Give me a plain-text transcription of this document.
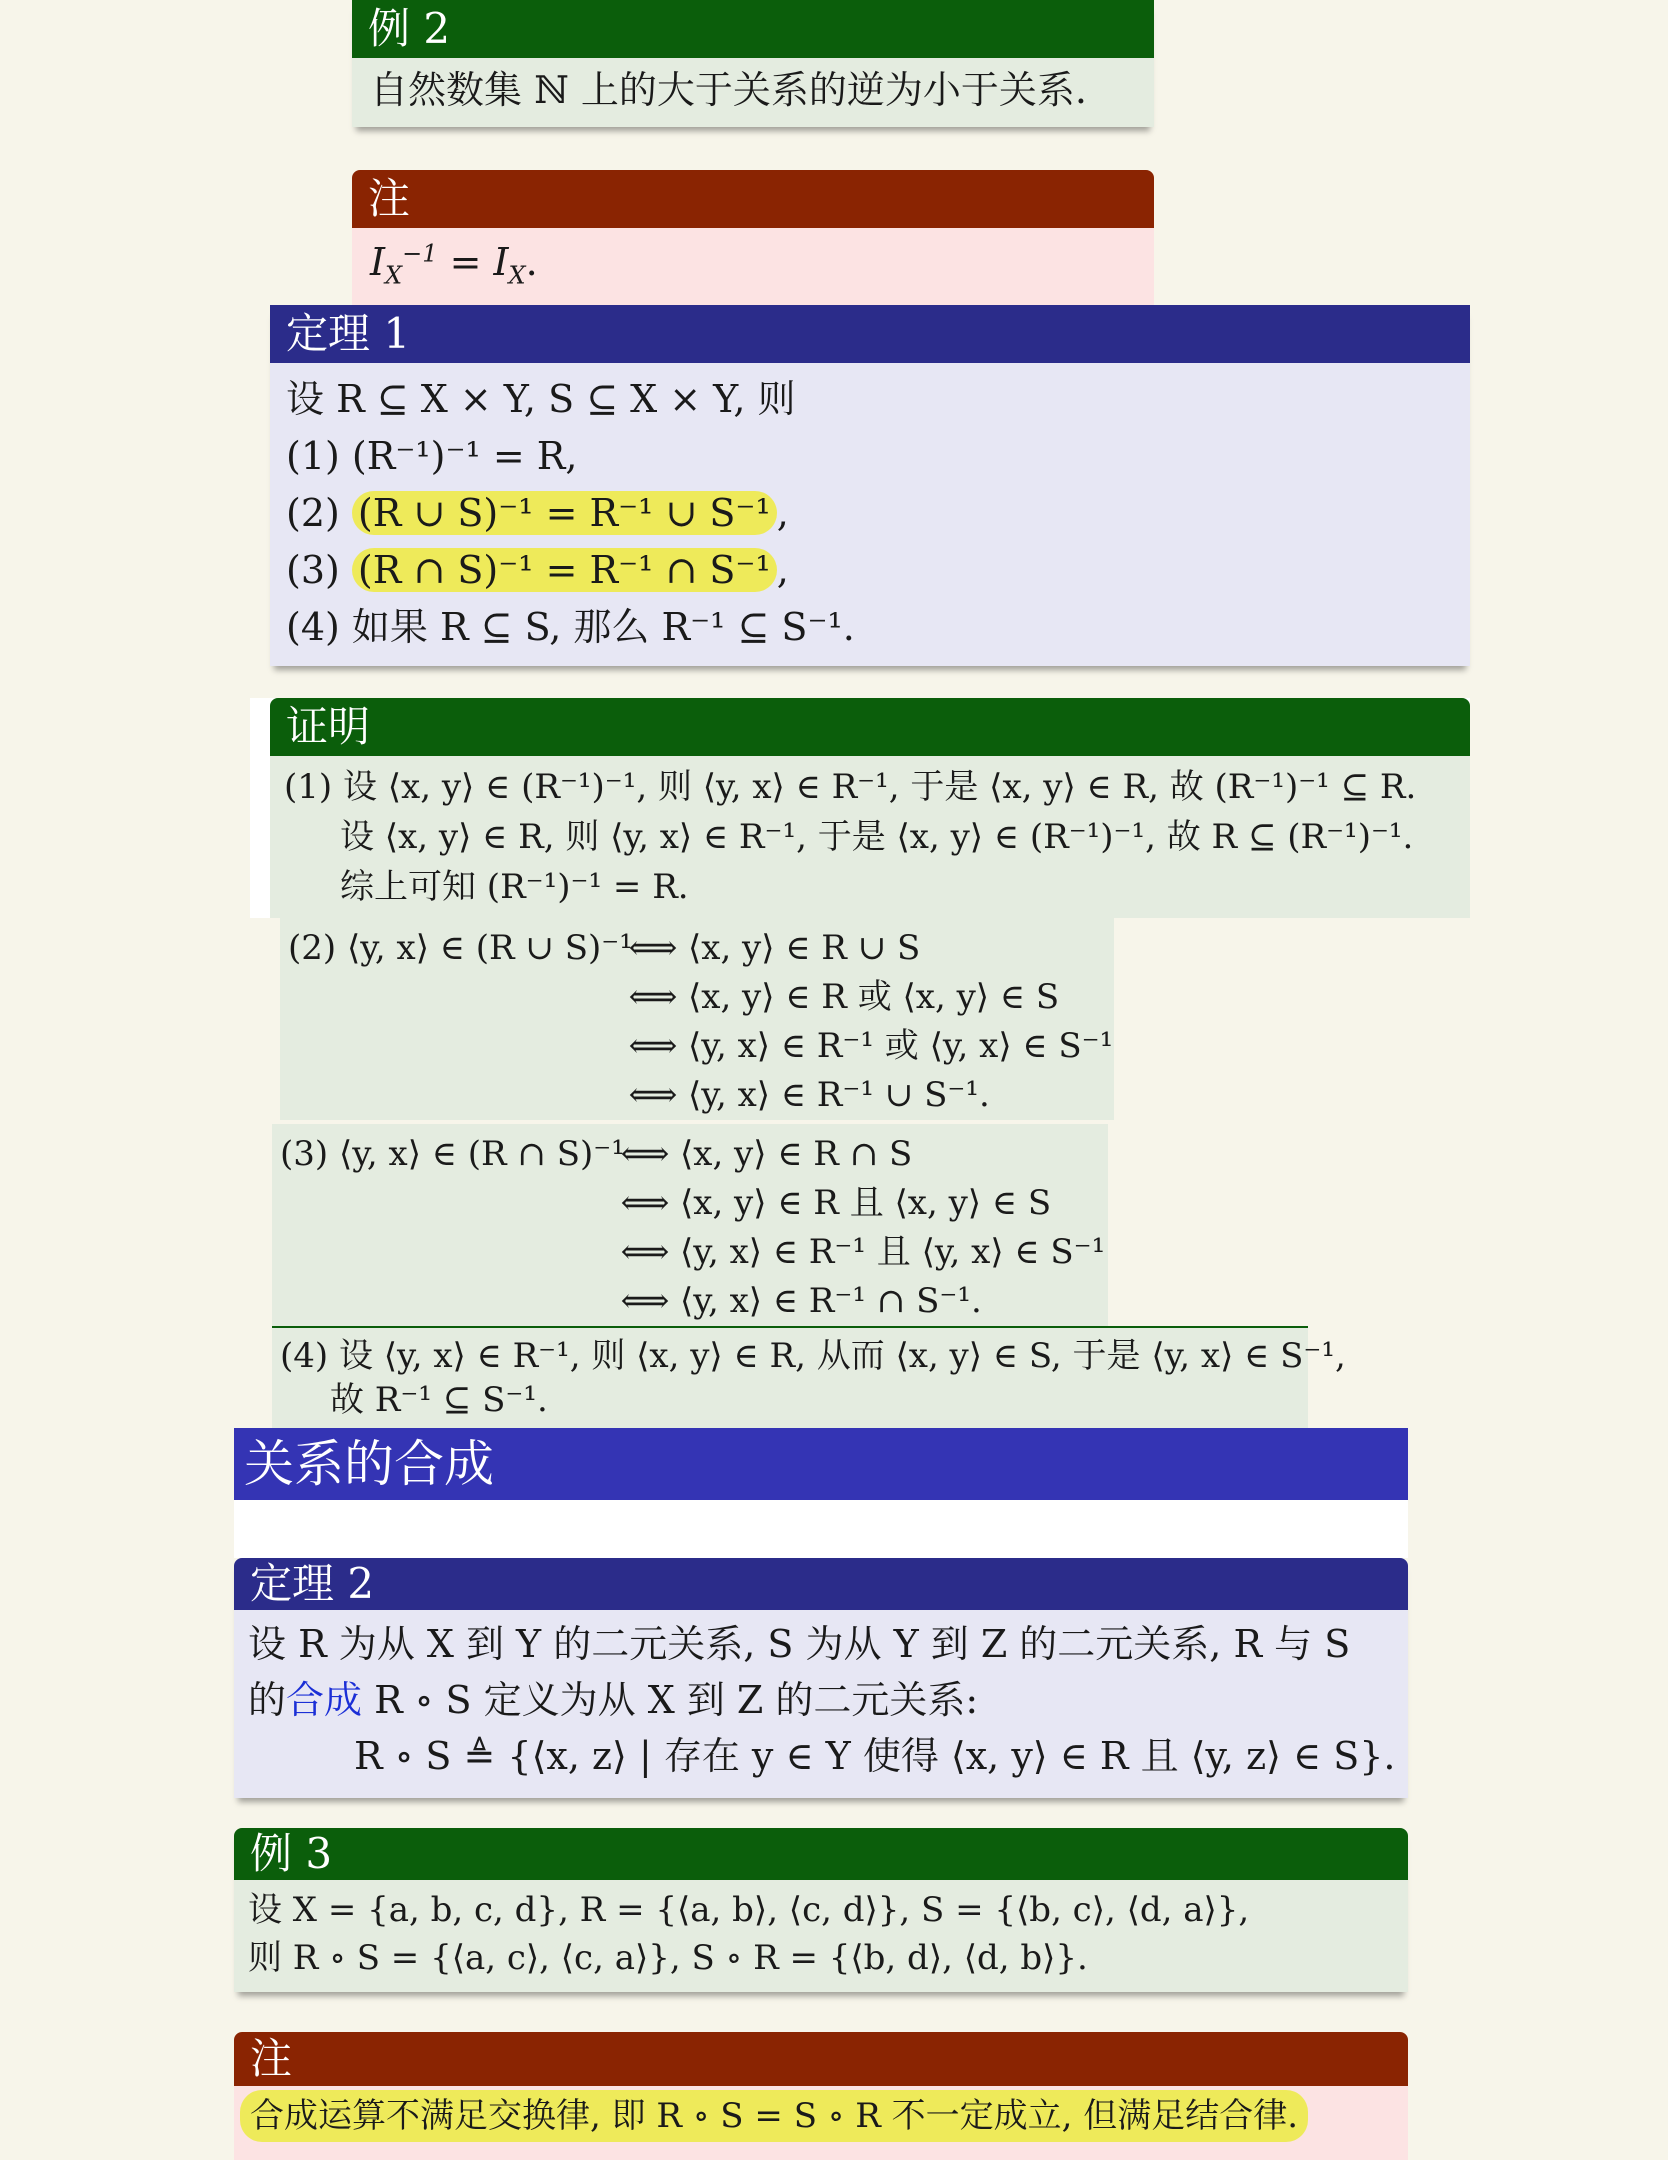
例 2
自然数集 ℕ 上的大于关系的逆为小于关系.
注
$I_X^{-1} = I_X$.
定理 1
设 R ⊆ X × Y, S ⊆ X × Y, 则
(1) (R⁻¹)⁻¹ = R,
(2) (R ∪ S)⁻¹ = R⁻¹ ∪ S⁻¹ ,
(3) (R ∩ S)⁻¹ = R⁻¹ ∩ S⁻¹ ,
(4) 如果 R ⊆ S, 那么 R⁻¹ ⊆ S⁻¹.
证明
(1) 设 ⟨x, y⟩ ∈ (R⁻¹)⁻¹, 则 ⟨y, x⟩ ∈ R⁻¹, 于是 ⟨x, y⟩ ∈ R, 故 (R⁻¹)⁻¹ ⊆ R.
设 ⟨x, y⟩ ∈ R, 则 ⟨y, x⟩ ∈ R⁻¹, 于是 ⟨x, y⟩ ∈ (R⁻¹)⁻¹, 故 R ⊆ (R⁻¹)⁻¹.
综上可知 (R⁻¹)⁻¹ = R.
(2) ⟨y, x⟩ ∈ (R ∪ S)⁻¹
⟺ ⟨x, y⟩ ∈ R ∪ S
⟺ ⟨x, y⟩ ∈ R 或 ⟨x, y⟩ ∈ S
⟺ ⟨y, x⟩ ∈ R⁻¹ 或 ⟨y, x⟩ ∈ S⁻¹
⟺ ⟨y, x⟩ ∈ R⁻¹ ∪ S⁻¹.
(3) ⟨y, x⟩ ∈ (R ∩ S)⁻¹
⟺ ⟨x, y⟩ ∈ R ∩ S
⟺ ⟨x, y⟩ ∈ R 且 ⟨x, y⟩ ∈ S
⟺ ⟨y, x⟩ ∈ R⁻¹ 且 ⟨y, x⟩ ∈ S⁻¹
⟺ ⟨y, x⟩ ∈ R⁻¹ ∩ S⁻¹.
(4) 设 ⟨y, x⟩ ∈ R⁻¹, 则 ⟨x, y⟩ ∈ R, 从而 ⟨x, y⟩ ∈ S, 于是 ⟨y, x⟩ ∈ S⁻¹,
故 R⁻¹ ⊆ S⁻¹.
关系的合成
定理 2
设 R 为从 X 到 Y 的二元关系, S 为从 Y 到 Z 的二元关系, R 与 S
的合成 R ∘ S 定义为从 X 到 Z 的二元关系:
R ∘ S ≜ {⟨x, z⟩ | 存在 y ∈ Y 使得 ⟨x, y⟩ ∈ R 且 ⟨y, z⟩ ∈ S}.
例 3
设 X = {a, b, c, d}, R = {⟨a, b⟩, ⟨c, d⟩}, S = {⟨b, c⟩, ⟨d, a⟩},
则 R ∘ S = {⟨a, c⟩, ⟨c, a⟩}, S ∘ R = {⟨b, d⟩, ⟨d, b⟩}.
注
合成运算不满足交换律, 即 R ∘ S = S ∘ R 不一定成立, 但满足结合律.
